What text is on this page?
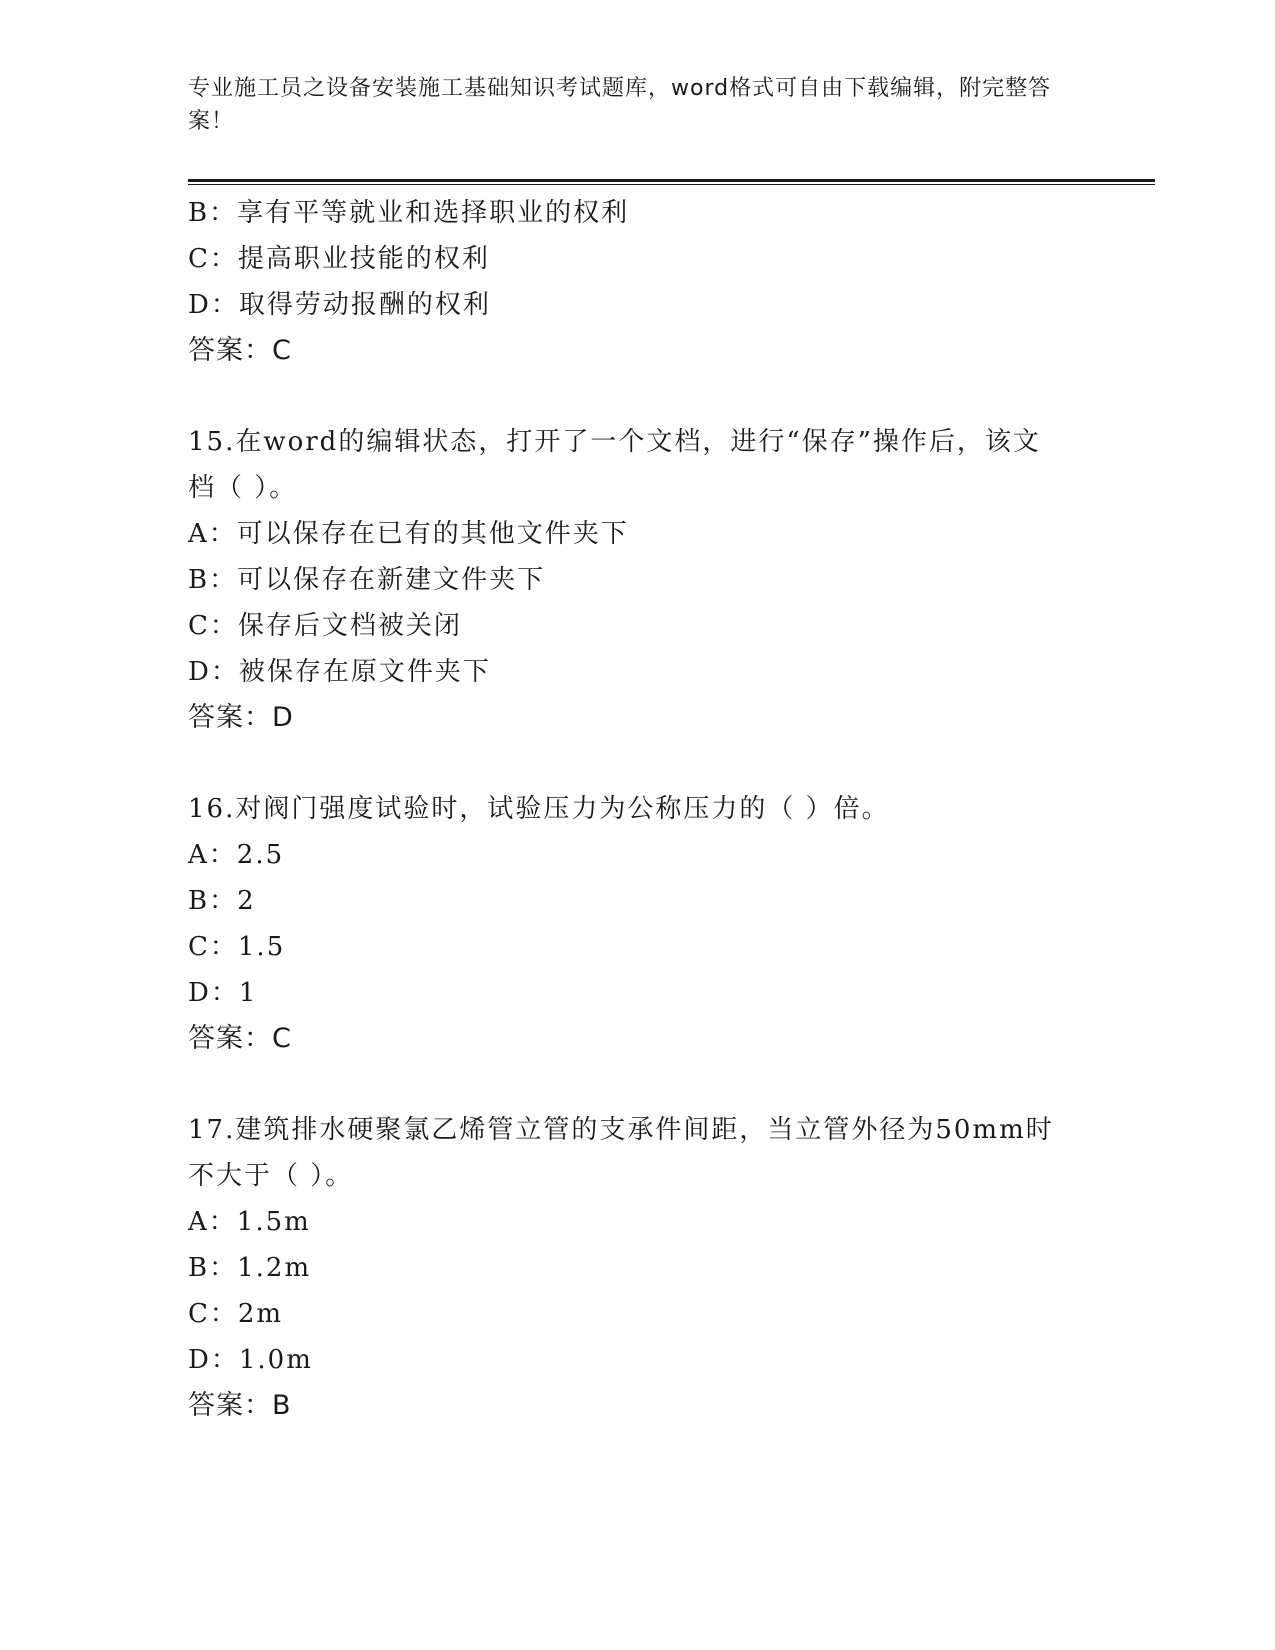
专业施工员之设备安装施工基础知识考试题库，word格式可自由下载编辑，附完整答案！
B：享有平等就业和选择职业的权利
C：提高职业技能的权利
D：取得劳动报酬的权利
答案：C
15.在word的编辑状态，打开了一个文档，进行“保存”操作后，该文档（ ）。
A：可以保存在已有的其他文件夹下
B：可以保存在新建文件夹下
C：保存后文档被关闭
D：被保存在原文件夹下
答案：D
16.对阀门强度试验时，试验压力为公称压力的（ ）倍。
A：2.5
B：2
C：1.5
D：1
答案：C
17.建筑排水硬聚氯乙烯管立管的支承件间距，当立管外径为50mm时不大于（ ）。
A：1.5m
B：1.2m
C：2m
D：1.0m
答案：B
